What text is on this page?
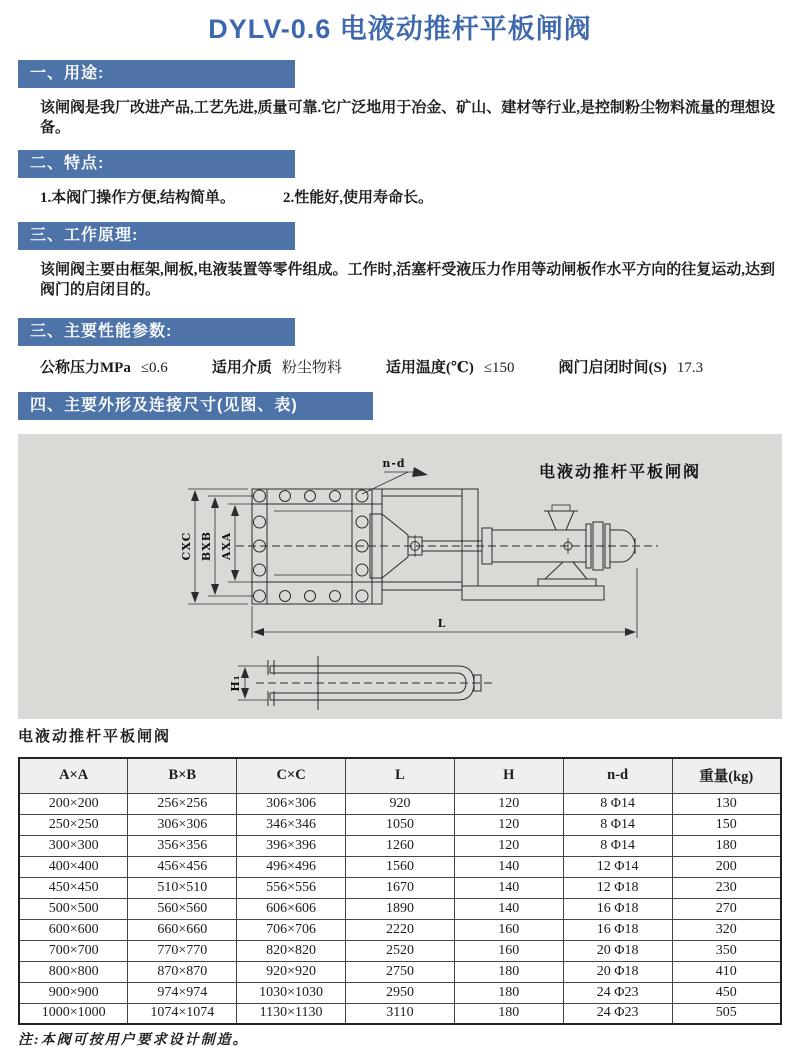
DYLV-0.6 电液动推杆平板闸阀
一、用途:

该闸阀是我厂改进产品,工艺先进,质量可靠.它广泛地用于冶金、矿山、建材等行业,是控制粉尘物料流量的理想设备。

二、特点:

1.本阀门操作方便,结构简单。	2.性能好,使用寿命长。

三、工作原理:

该闸阀主要由框架,闸板,电液装置等零件组成。工作时,活塞杆受液压力作用等动闸板作水平方向的往复运动,达到阀门的启闭目的。

三、主要性能参数:
公称压力MPa ≤0.6	适用介质 粉尘物料	适用温度(℃) ≤150	阀门启闭时间(S) 17.3
四、主要外形及连接尺寸(见图、表)
n-d	电液动推杆平板闸阀
CXC BXB AXA
L
H₁
电液动推杆平板闸阀
A×A	B×B	C×C	L	H	n-d	重量(kg)
200×200	256×256	306×306	920	120	8 Φ14	130
250×250	306×306	346×346	1050	120	8 Φ14	150
300×300	356×356	396×396	1260	120	8 Φ14	180
400×400	456×456	496×496	1560	140	12 Φ14	200
450×450	510×510	556×556	1670	140	12 Φ18	230
500×500	560×560	606×606	1890	140	16 Φ18	270
600×600	660×660	706×706	2220	160	16 Φ18	320
700×700	770×770	820×820	2520	160	20 Φ18	350
800×800	870×870	920×920	2750	180	20 Φ18	410
900×900	974×974	1030×1030	2950	180	24 Φ23	450
1000×1000	1074×1074	1130×1130	3110	180	24 Φ23	505
注:本阀可按用户要求设计制造。
